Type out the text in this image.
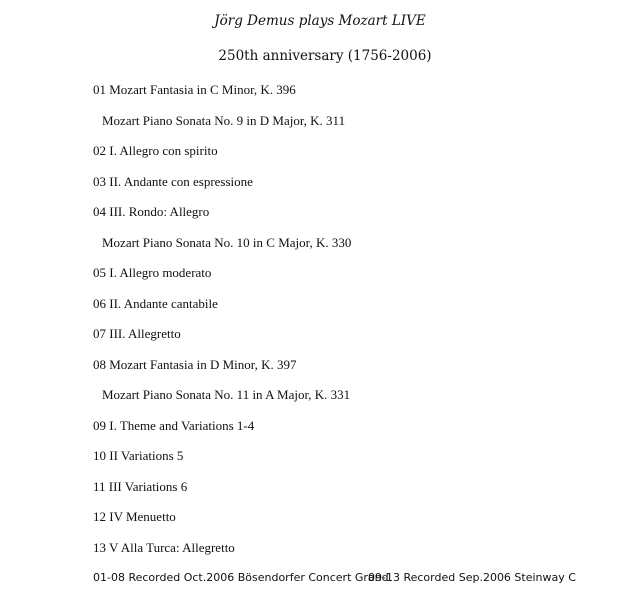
Jörg Demus plays Mozart LIVE
250th anniversary (1756-2006)
01 Mozart Fantasia in C Minor, K. 396
Mozart Piano Sonata No. 9 in D Major, K. 311
02 I. Allegro con spirito
03 II. Andante con espressione
04 III. Rondo: Allegro
Mozart Piano Sonata No. 10 in C Major, K. 330
05 I. Allegro moderato
06 II. Andante cantabile
07 III. Allegretto
08 Mozart Fantasia in D Minor, K. 397
Mozart Piano Sonata No. 11 in A Major, K. 331
09 I. Theme and Variations 1-4
10 II Variations 5
11 III Variations 6
12 IV Menuetto
13 V Alla Turca: Allegretto
01-08 Recorded Oct.2006 Bösendorfer Concert Grand
09-13 Recorded Sep.2006 Steinway C
